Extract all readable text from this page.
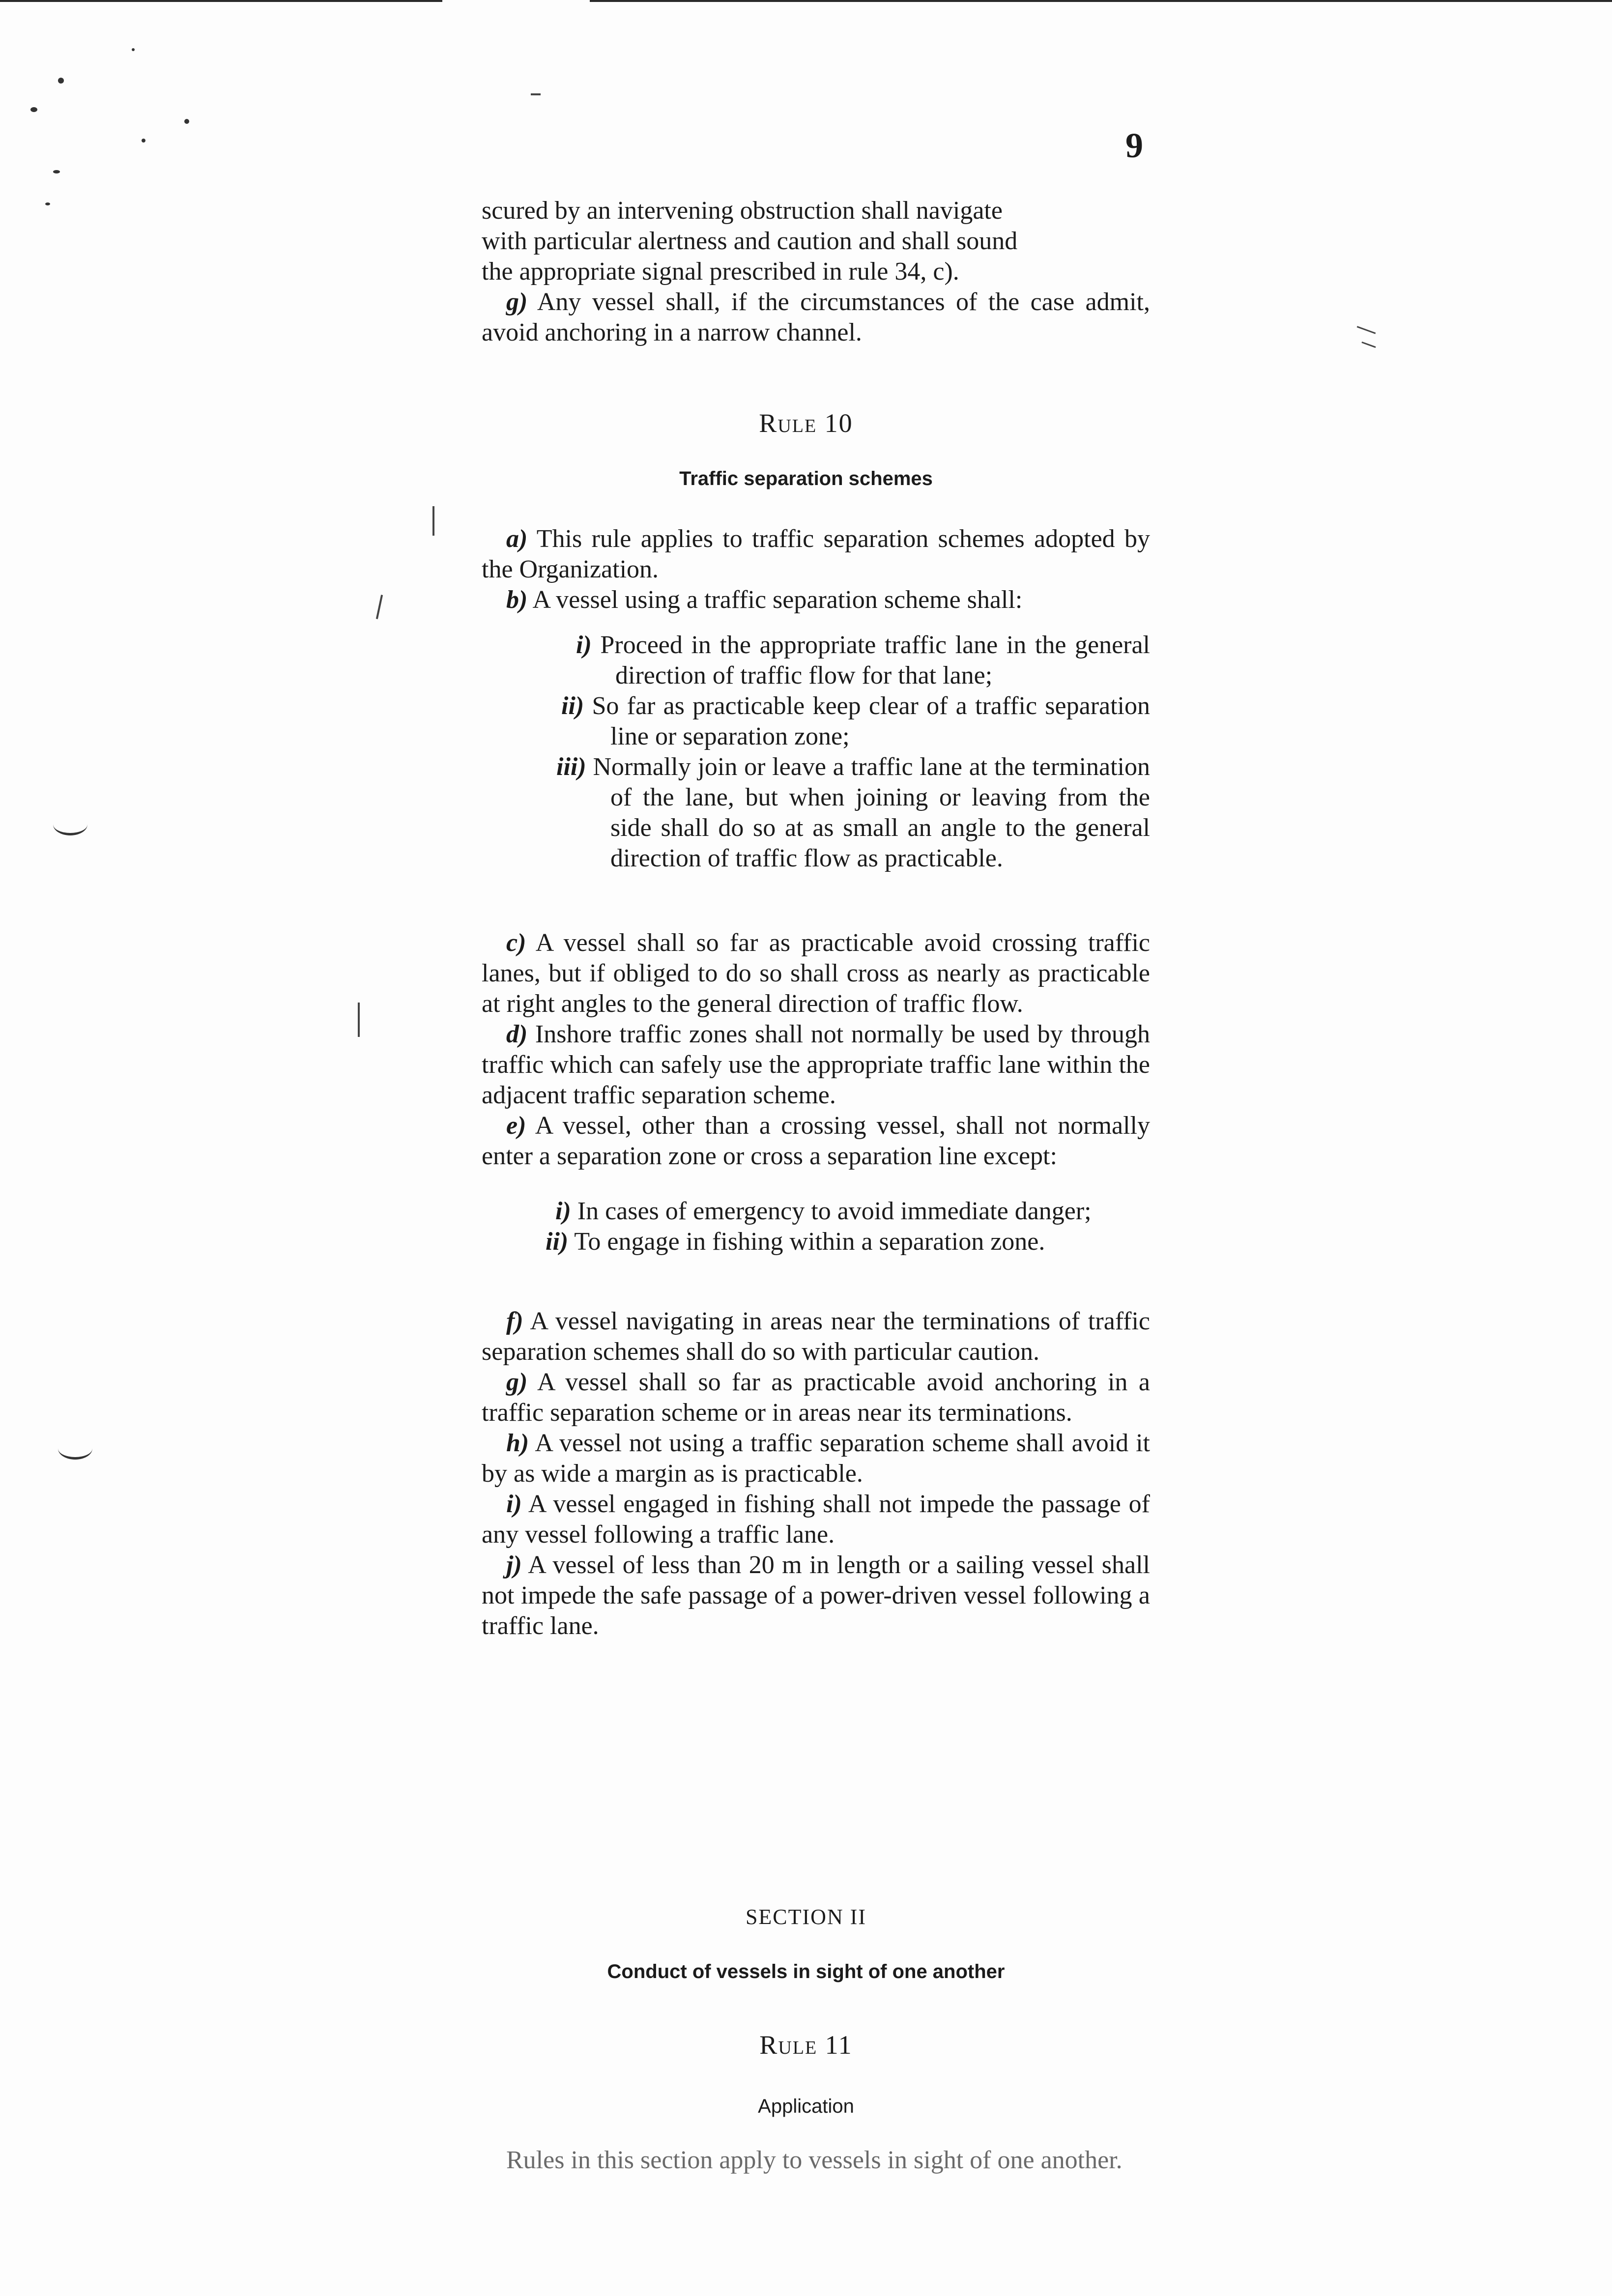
9

scured by an intervening obstruction shall navigate

with particular alertness and caution and shall sound

the appropriate signal prescribed in rule 34, c).

g) Any vessel shall, if the circumstances of the case admit, avoid anchoring in a narrow channel.

Rule 10
Traffic separation schemes

a) This rule applies to traffic separation schemes adopted by the Organization.

b) A vessel using a traffic separation scheme shall:

i) Proceed in the appropriate traffic lane in the general direction of traffic flow for that lane;

ii) So far as practicable keep clear of a traffic separation line or separation zone;

iii) Normally join or leave a traffic lane at the termination of the lane, but when joining or leaving from the side shall do so at as small an angle to the general direction of traffic flow as practicable.

c) A vessel shall so far as practicable avoid crossing traffic lanes, but if obliged to do so shall cross as nearly as practicable at right angles to the general direction of traffic flow.

d) Inshore traffic zones shall not normally be used by through traffic which can safely use the appropriate traffic lane within the adjacent traffic separation scheme.

e) A vessel, other than a crossing vessel, shall not normally enter a separation zone or cross a separation line except:

i) In cases of emergency to avoid immediate danger;

ii) To engage in fishing within a separation zone.

f) A vessel navigating in areas near the terminations of traffic separation schemes shall do so with particular caution.

g) A vessel shall so far as practicable avoid anchoring in a traffic separation scheme or in areas near its terminations.

h) A vessel not using a traffic separation scheme shall avoid it by as wide a margin as is practicable.

i) A vessel engaged in fishing shall not impede the passage of any vessel following a traffic lane.

j) A vessel of less than 20 m in length or a sailing vessel shall not impede the safe passage of a power-driven vessel following a traffic lane.

SECTION II
Conduct of vessels in sight of one another
Rule 11
Application

Rules in this section apply to vessels in sight of one another.
